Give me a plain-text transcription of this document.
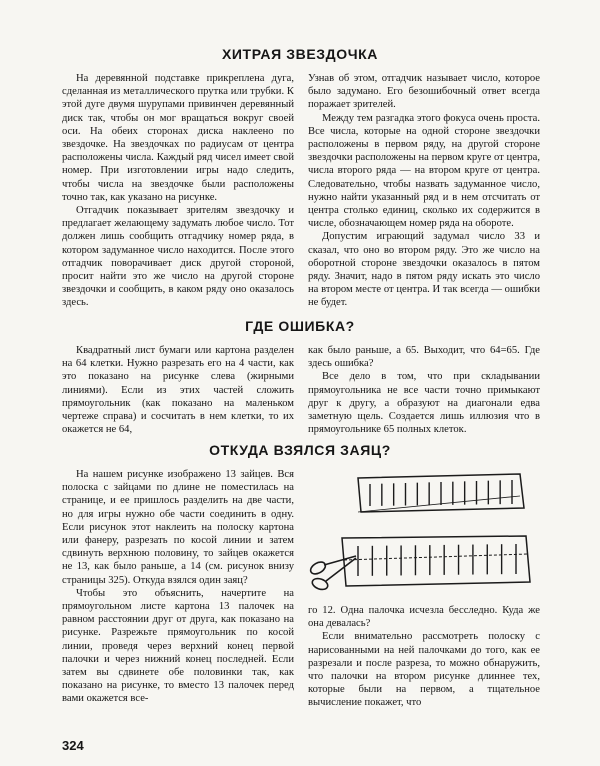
ХИТРАЯ ЗВЕЗДОЧКА

На деревянной подставке прикреплена дуга, сделанная из металлического прутка или трубки. К этой дуге двумя шурупами привинчен деревянный диск так, чтобы он мог вращаться вокруг своей оси. На обеих сторонах диска наклеено по звездочке. На звездочках по радиусам от центра расположены числа. Каждый ряд чисел имеет свой номер. При изготовлении игры надо следить, чтобы числа на звездочке были расположены точно так, как указано на рисунке.

Отгадчик показывает зрителям звездочку и предлагает желающему задумать любое число. Тот должен лишь сообщить отгадчику номер ряда, в котором задуманное число находится. После этого отгадчик поворачивает диск другой стороной, просит найти это же число на другой стороне звездочки и сообщить, в каком ряду оно оказалось здесь.

Узнав об этом, отгадчик называет число, которое было задумано. Его безошибочный ответ всегда поражает зрителей.

Между тем разгадка этого фокуса очень проста. Все числа, которые на одной стороне звездочки расположены в первом ряду, на другой стороне звездочки расположены на первом круге от центра, числа второго ряда — на втором круге от центра. Следовательно, чтобы назвать задуманное число, нужно найти указанный ряд и в нем отсчитать от центра столько единиц, сколько их содержится в числе, обозначающем номер ряда на обороте.

Допустим играющий задумал число 33 и сказал, что оно во втором ряду. Это же число на оборотной стороне звездочки оказалось в пятом ряду. Значит, надо в пятом ряду искать это число на втором месте от центра. И так всегда — ошибки не будет.

ГДЕ ОШИБКА?

Квадратный лист бумаги или картона разделен на 64 клетки. Нужно разрезать его на 4 части, как это показано на рисунке слева (жирными линиями). Если из этих частей сложить прямоугольник (как показано на маленьком чертеже справа) и сосчитать в нем клетки, то их окажется не 64,

как было раньше, а 65. Выходит, что 64=65. Где здесь ошибка?

Все дело в том, что при складывании прямоугольника не все части точно примыкают друг к другу, а образуют на диагонали едва заметную щель. Создается лишь иллюзия что в прямоугольнике 65 полных клеток.

ОТКУДА ВЗЯЛСЯ ЗАЯЦ?

На нашем рисунке изображено 13 зайцев. Вся полоска с зайцами по длине не поместилась на странице, и ее пришлось разделить на две части, но для игры нужно обе части соединить в одну. Если рисунок этот наклеить на полоску картона или фанеру, разрезать по косой линии и затем сдвинуть верхнюю половину, то зайцев окажется не 13, как было раньше, а 14 (см. рисунок внизу страницы 325). Откуда взялся один заяц?

Чтобы это объяснить, начертите на прямоугольном листе картона 13 палочек на равном расстоянии друг от друга, как показано на рисунке. Разрежьте прямоугольник по косой линии, проведя через верхний конец первой палочки и через нижний конец последней. Если затем вы сдвинете обе половинки так, как показано на рисунке, то вместо 13 палочек перед вами окажется все-

го 12. Одна палочка исчезла бесследно. Куда же она девалась?

Если внимательно рассмотреть полоску с нарисованными на ней палочками до того, как ее разрезали и после разреза, то можно обнаружить, что палочки на втором рисунке длиннее тех, которые были на первом, а тщательное вычисление покажет, что

324
